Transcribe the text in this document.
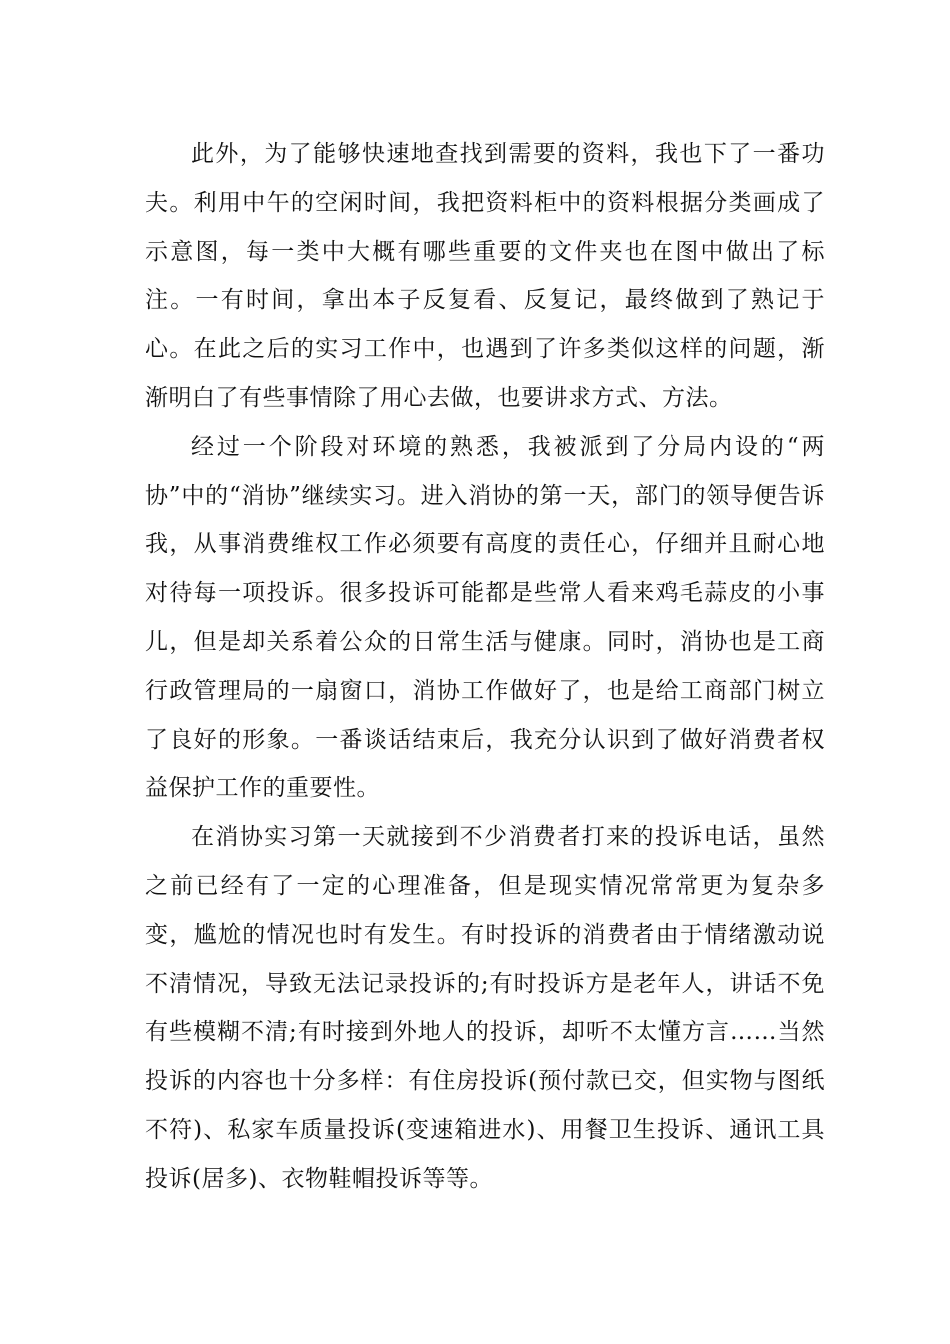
此外，为了能够快速地查找到需要的资料，我也下了一番功夫。利用中午的空闲时间，我把资料柜中的资料根据分类画成了示意图，每一类中大概有哪些重要的文件夹也在图中做出了标注。一有时间，拿出本子反复看、反复记，最终做到了熟记于心。在此之后的实习工作中，也遇到了许多类似这样的问题，渐渐明白了有些事情除了用心去做，也要讲求方式、方法。

经过一个阶段对环境的熟悉，我被派到了分局内设的“两协”中的“消协”继续实习。进入消协的第一天，部门的领导便告诉我，从事消费维权工作必须要有高度的责任心，仔细并且耐心地对待每一项投诉。很多投诉可能都是些常人看来鸡毛蒜皮的小事儿，但是却关系着公众的日常生活与健康。同时，消协也是工商行政管理局的一扇窗口，消协工作做好了，也是给工商部门树立了良好的形象。一番谈话结束后，我充分认识到了做好消费者权益保护工作的重要性。

在消协实习第一天就接到不少消费者打来的投诉电话，虽然之前已经有了一定的心理准备，但是现实情况常常更为复杂多变，尴尬的情况也时有发生。有时投诉的消费者由于情绪激动说不清情况，导致无法记录投诉的;有时投诉方是老年人，讲话不免有些模糊不清;有时接到外地人的投诉，却听不太懂方言……当然投诉的内容也十分多样：有住房投诉(预付款已交，但实物与图纸不符)、私家车质量投诉(变速箱进水)、用餐卫生投诉、通讯工具投诉(居多)、衣物鞋帽投诉等等。
